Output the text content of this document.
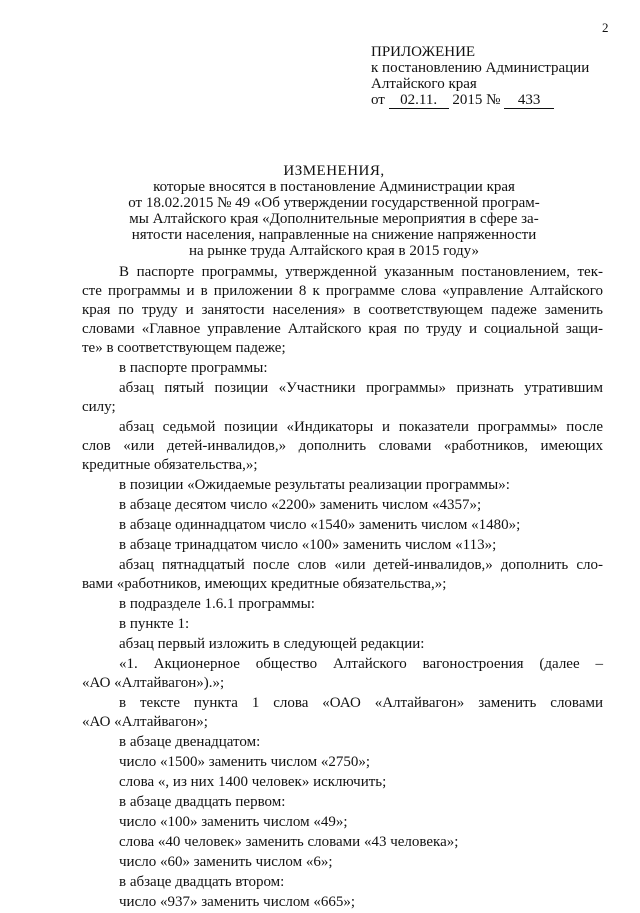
2
ПРИЛОЖЕНИЕ
к постановлению Администрации
Алтайского края
от 02.11. 2015 № 433
ИЗМЕНЕНИЯ,
которые вносятся в постановление Администрации края
от 18.02.2015 № 49 «Об утверждении государственной програм-
мы Алтайского края «Дополнительные мероприятия в сфере за-
нятости населения, направленные на снижение напряженности
на рынке труда Алтайского края в 2015 году»
В паспорте программы, утвержденной указанным постановлением, тек-
сте программы и в приложении 8 к программе слова «управление Алтайского
края по труду и занятости населения» в соответствующем падеже заменить
словами «Главное управление Алтайского края по труду и социальной защи-
те» в соответствующем падеже;
в паспорте программы:
абзац пятый позиции «Участники программы» признать утратившим
силу;
абзац седьмой позиции «Индикаторы и показатели программы» после
слов «или детей-инвалидов,» дополнить словами «работников, имеющих
кредитные обязательства,»;
в позиции «Ожидаемые результаты реализации программы»:
в абзаце десятом число «2200» заменить числом «4357»;
в абзаце одиннадцатом число «1540» заменить числом «1480»;
в абзаце тринадцатом число «100» заменить числом «113»;
абзац пятнадцатый после слов «или детей-инвалидов,» дополнить сло-
вами «работников, имеющих кредитные обязательства,»;
в подразделе 1.6.1 программы:
в пункте 1:
абзац первый изложить в следующей редакции:
«1. Акционерное общество Алтайского вагоностроения (далее –
«АО «Алтайвагон»).»;
в тексте пункта 1 слова «ОАО «Алтайвагон» заменить словами
«АО «Алтайвагон»;
в абзаце двенадцатом:
число «1500» заменить числом «2750»;
слова «, из них 1400 человек» исключить;
в абзаце двадцать первом:
число «100» заменить числом «49»;
слова «40 человек» заменить словами «43 человека»;
число «60» заменить числом «6»;
в абзаце двадцать втором:
число «937» заменить числом «665»;
